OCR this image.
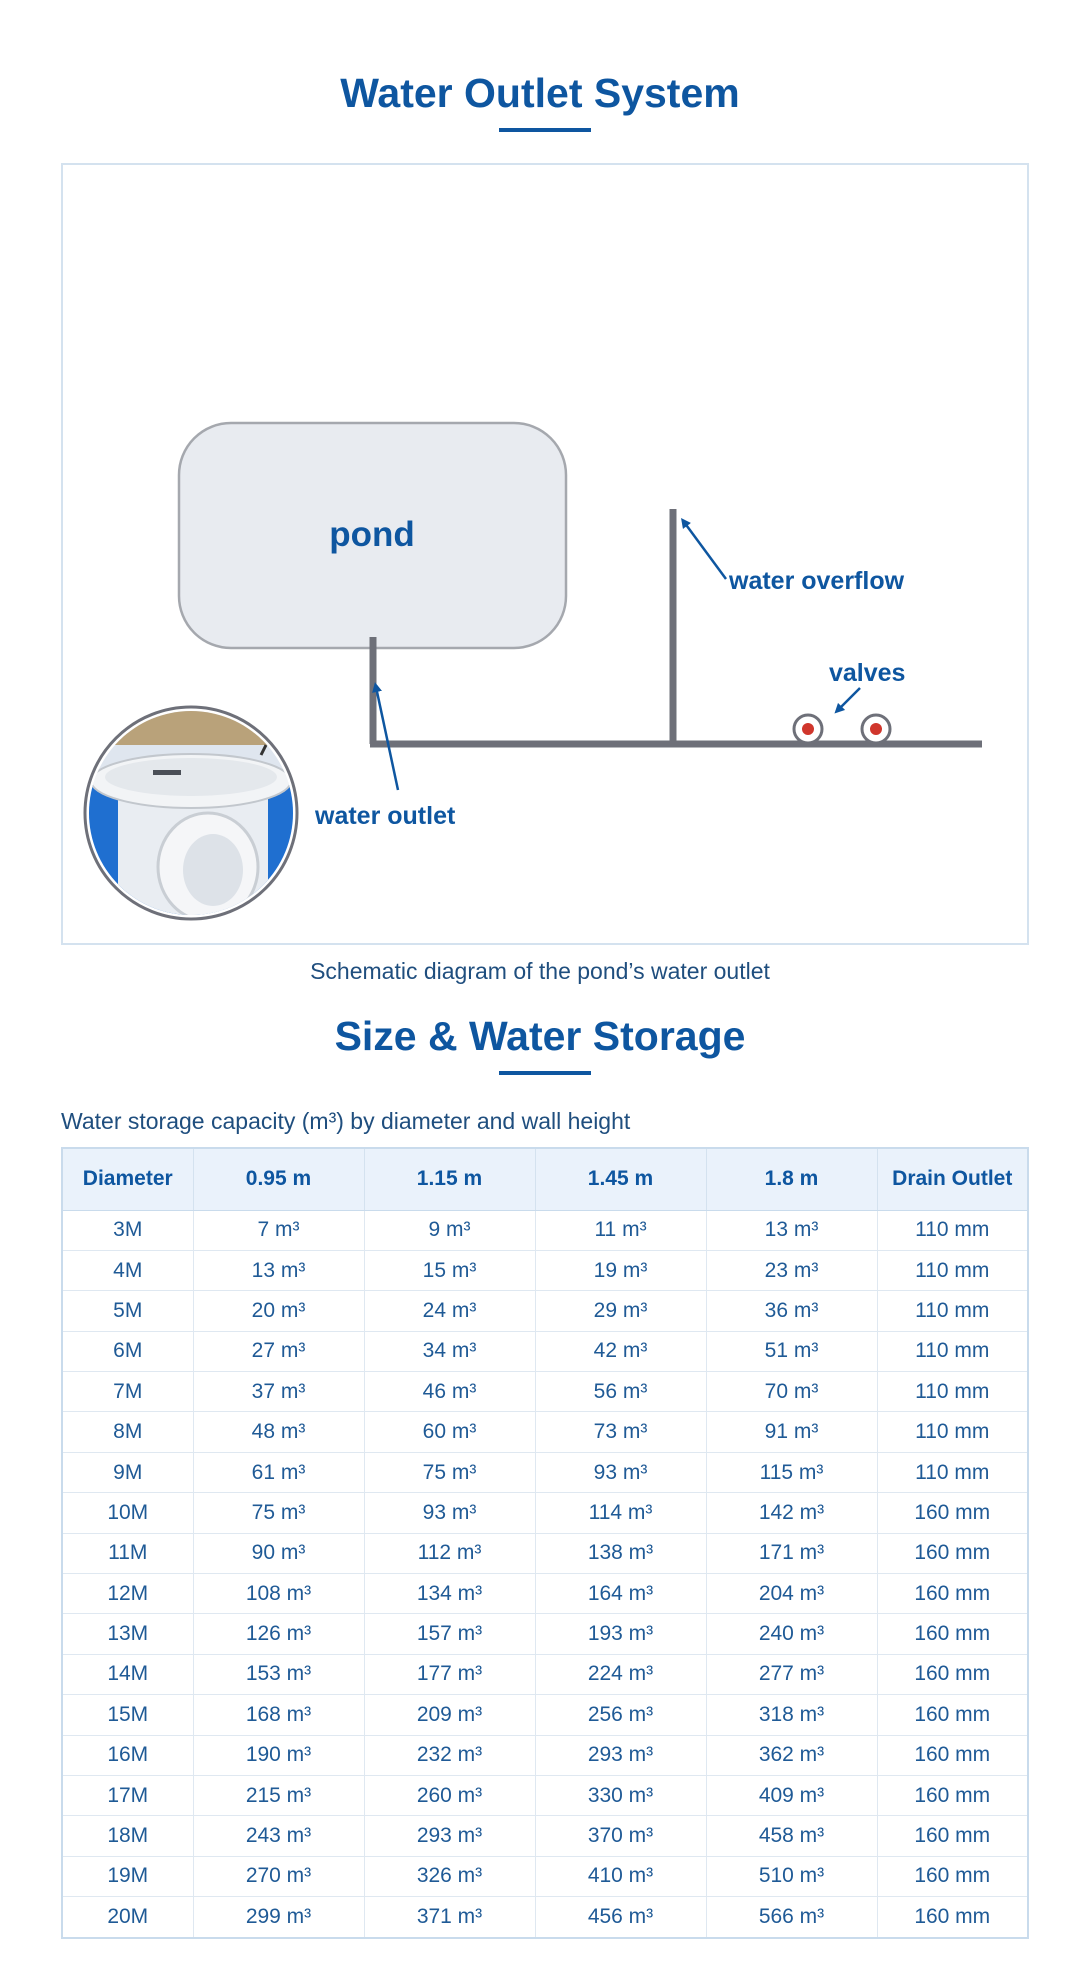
Water Outlet System
pond
water overflow
valves
water outlet
Schematic diagram of the pond’s water outlet
Size & Water Storage
Water storage capacity (m³) by diameter and wall height
Diameter	0.95 m	1.15 m	1.45 m	1.8 m	Drain Outlet
3M	7 m³	9 m³	11 m³	13 m³	110 mm
4M	13 m³	15 m³	19 m³	23 m³	110 mm
5M	20 m³	24 m³	29 m³	36 m³	110 mm
6M	27 m³	34 m³	42 m³	51 m³	110 mm
7M	37 m³	46 m³	56 m³	70 m³	110 mm
8M	48 m³	60 m³	73 m³	91 m³	110 mm
9M	61 m³	75 m³	93 m³	115 m³	110 mm
10M	75 m³	93 m³	114 m³	142 m³	160 mm
11M	90 m³	112 m³	138 m³	171 m³	160 mm
12M	108 m³	134 m³	164 m³	204 m³	160 mm
13M	126 m³	157 m³	193 m³	240 m³	160 mm
14M	153 m³	177 m³	224 m³	277 m³	160 mm
15M	168 m³	209 m³	256 m³	318 m³	160 mm
16M	190 m³	232 m³	293 m³	362 m³	160 mm
17M	215 m³	260 m³	330 m³	409 m³	160 mm
18M	243 m³	293 m³	370 m³	458 m³	160 mm
19M	270 m³	326 m³	410 m³	510 m³	160 mm
20M	299 m³	371 m³	456 m³	566 m³	160 mm
